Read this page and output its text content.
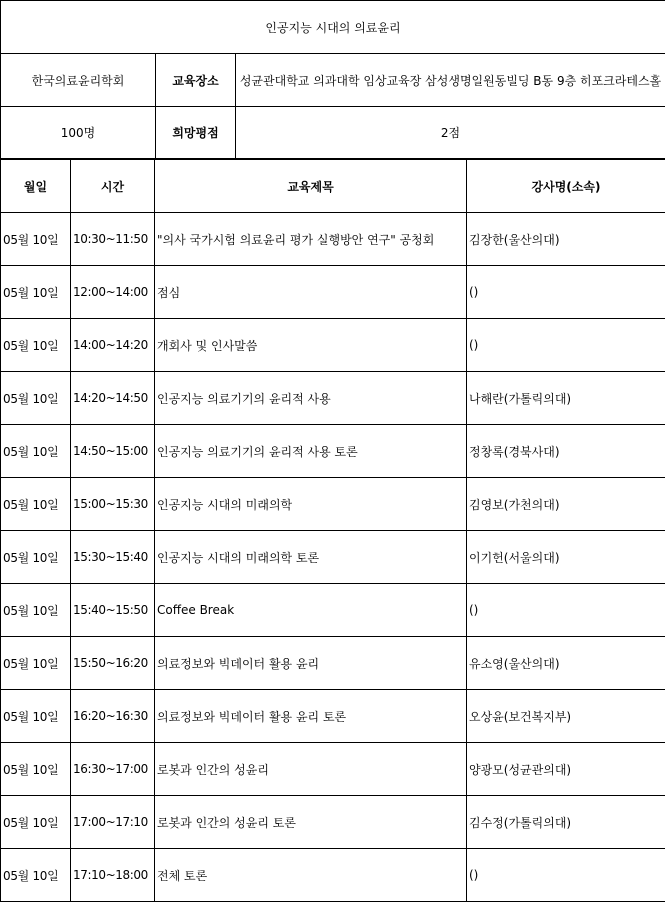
인공지능 시대의 의료윤리		
한국의료윤리학회	교육장소	성균관대학교 의과대학 임상교육장 삼성생명일원동빌딩 B동 9층 히포크라테스홀
100명	희망평점	2점
월일	시간	교육제목	강사명(소속)
05월 10일	10:30~11:50	"의사 국가시험 의료윤리 평가 실행방안 연구" 공청회	김장한(울산의대)
05월 10일	12:00~14:00	점심	()
05월 10일	14:00~14:20	개회사 및 인사말씀	()
05월 10일	14:20~14:50	인공지능 의료기기의 윤리적 사용	나해란(가톨릭의대)
05월 10일	14:50~15:00	인공지능 의료기기의 윤리적 사용 토론	정창록(경북사대)
05월 10일	15:00~15:30	인공지능 시대의 미래의학	김영보(가천의대)
05월 10일	15:30~15:40	인공지능 시대의 미래의학 토론	이기헌(서울의대)
05월 10일	15:40~15:50	Coffee Break	()
05월 10일	15:50~16:20	의료정보와 빅데이터 활용 윤리	유소영(울산의대)
05월 10일	16:20~16:30	의료정보와 빅데이터 활용 윤리 토론	오상윤(보건복지부)
05월 10일	16:30~17:00	로봇과 인간의 성윤리	양광모(성균관의대)
05월 10일	17:00~17:10	로봇과 인간의 성윤리 토론	김수정(가톨릭의대)
05월 10일	17:10~18:00	전체 토론	()
